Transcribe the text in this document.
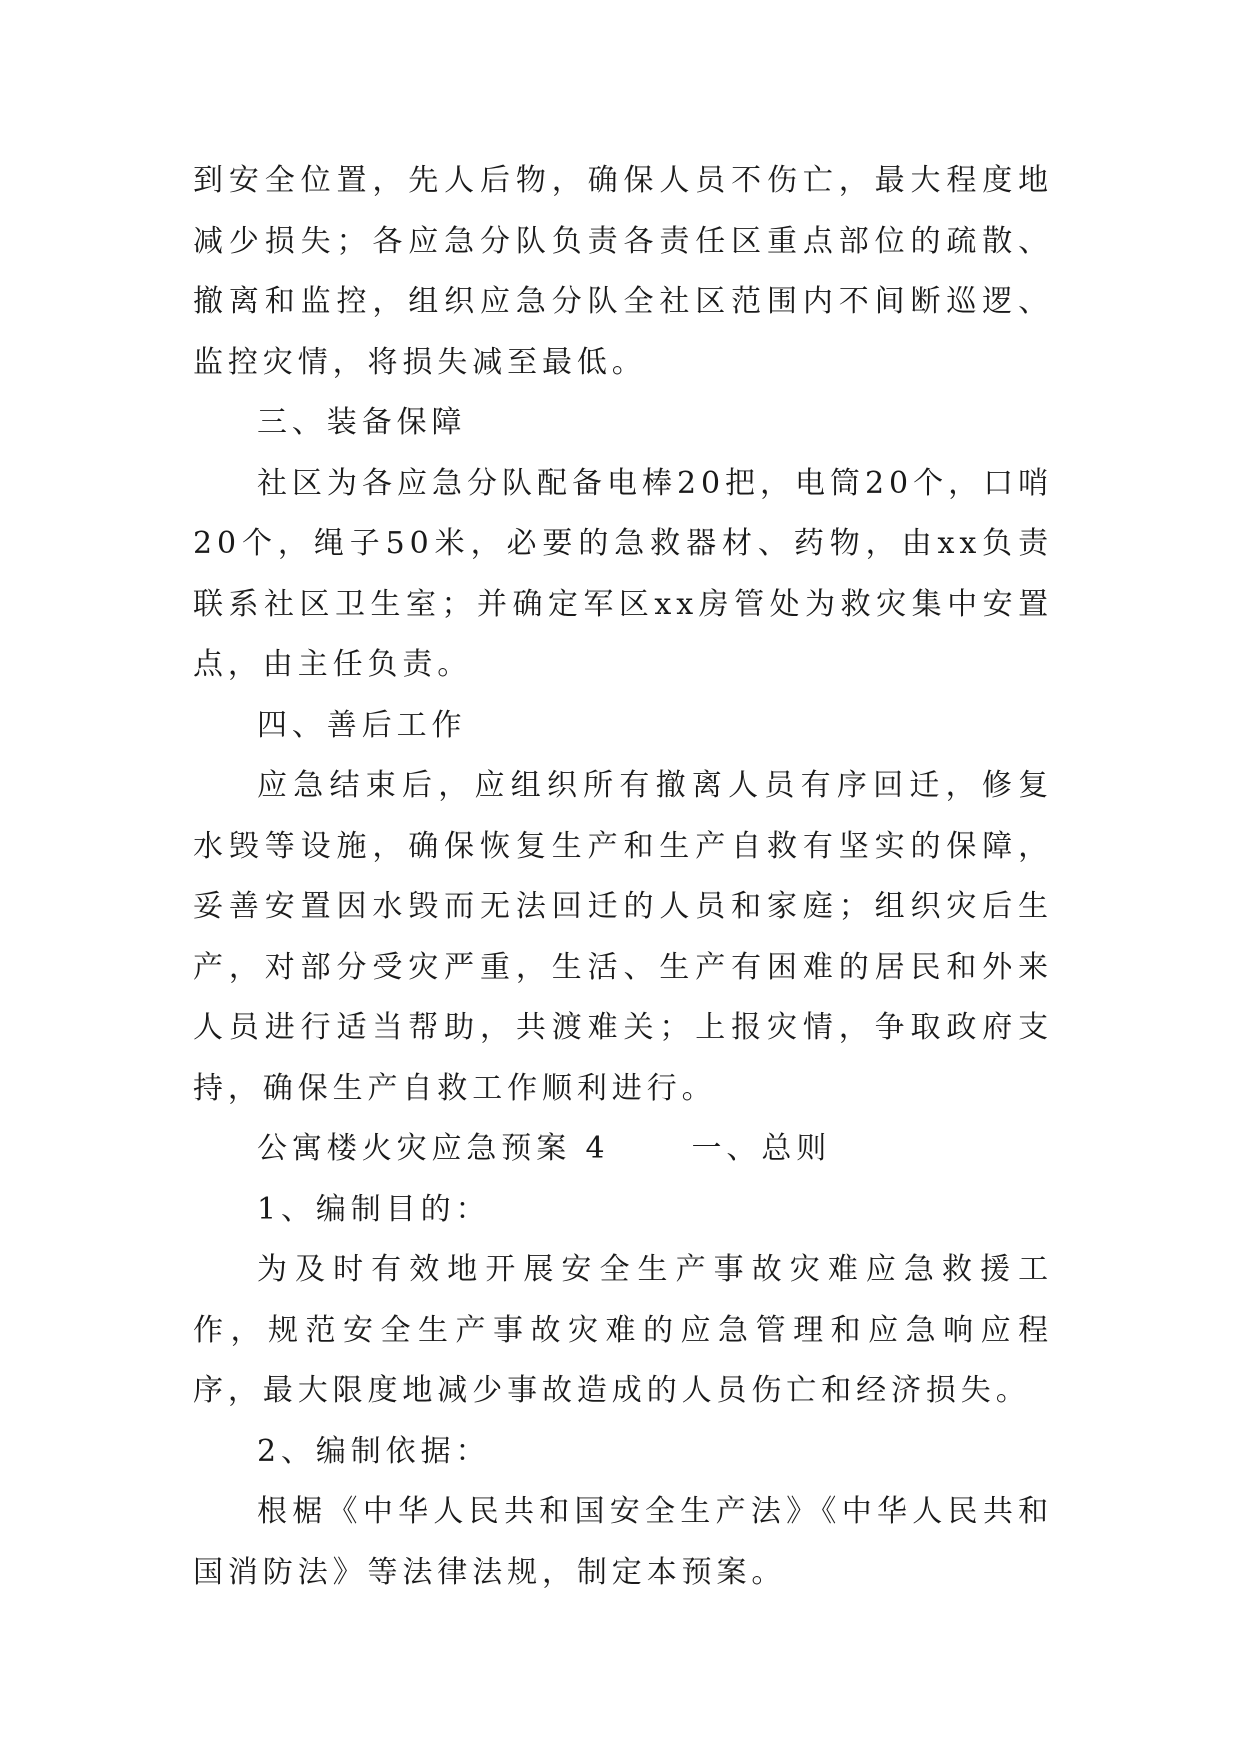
到安全位置，先人后物，确保人员不伤亡，最大程度地减少损失；各应急分队负责各责任区重点部位的疏散、撤离和监控，组织应急分队全社区范围内不间断巡逻、监控灾情，将损失减至最低。

三、装备保障

社区为各应急分队配备电棒20把，电筒20个，口哨20个，绳子50米，必要的急救器材、药物，由xx负责联系社区卫生室；并确定军区xx房管处为救灾集中安置点，由主任负责。

四、善后工作

应急结束后，应组织所有撤离人员有序回迁，修复水毁等设施，确保恢复生产和生产自救有坚实的保障，妥善安置因水毁而无法回迁的人员和家庭；组织灾后生产，对部分受灾严重，生活、生产有困难的居民和外来人员进行适当帮助，共渡难关；上报灾情，争取政府支持，确保生产自救工作顺利进行。

公寓楼火灾应急预案 4	一、总则

1、编制目的：

为及时有效地开展安全生产事故灾难应急救援工作，规范安全生产事故灾难的应急管理和应急响应程序，最大限度地减少事故造成的人员伤亡和经济损失。

2、编制依据：

根椐《中华人民共和国安全生产法》《中华人民共和国消防法》等法律法规，制定本预案。
